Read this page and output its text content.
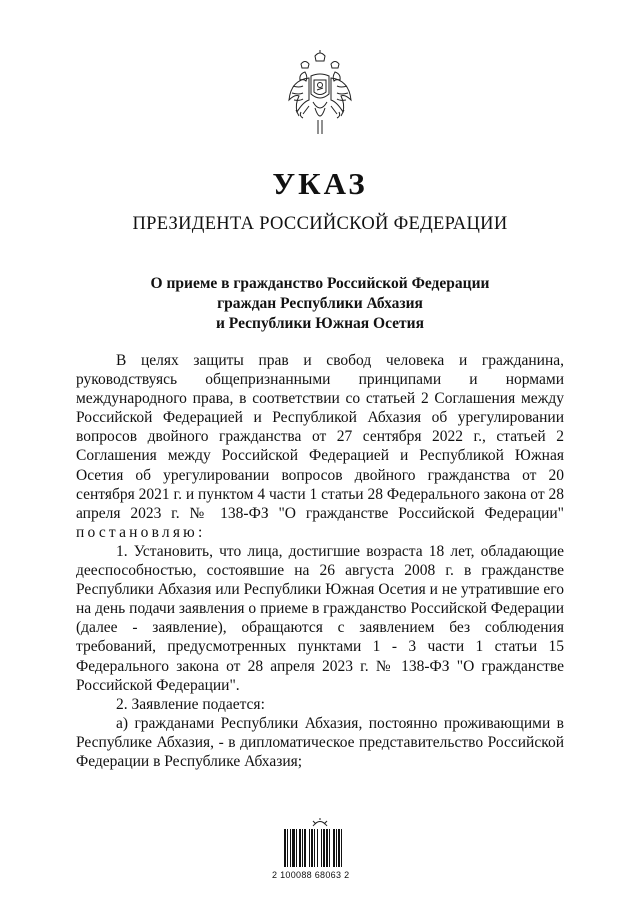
УКАЗ
ПРЕЗИДЕНТА РОССИЙСКОЙ ФЕДЕРАЦИИ
О приеме в гражданство Российской Федерации
граждан Республики Абхазия
и Республики Южная Осетия

В целях защиты прав и свобод человека и гражданина, руководствуясь общепризнанными принципами и нормами международного права, в соответствии со статьей 2 Соглашения между Российской Федерацией и Республикой Абхазия об урегулировании вопросов двойного гражданства от 27 сентября 2022 г., статьей 2 Соглашения между Российской Федерацией и Республикой Южная Осетия об урегулировании вопросов двойного гражданства от 20 сентября 2021 г. и пунктом 4 части 1 статьи 28 Федерального закона от 28 апреля 2023 г. № 138-ФЗ "О гражданстве Российской Федерации" постановляю:

1. Установить, что лица, достигшие возраста 18 лет, обладающие дееспособностью, состоявшие на 26 августа 2008 г. в гражданстве Республики Абхазия или Республики Южная Осетия и не утратившие его на день подачи заявления о приеме в гражданство Российской Федерации (далее - заявление), обращаются с заявлением без соблюдения требований, предусмотренных пунктами 1 - 3 части 1 статьи 15 Федерального закона от 28 апреля 2023 г. № 138-ФЗ "О гражданстве Российской Федерации".

2. Заявление подается:

а) гражданами Республики Абхазия, постоянно проживающими в Республике Абхазия, - в дипломатическое представительство Российской Федерации в Республике Абхазия;

2 100088 68063 2
